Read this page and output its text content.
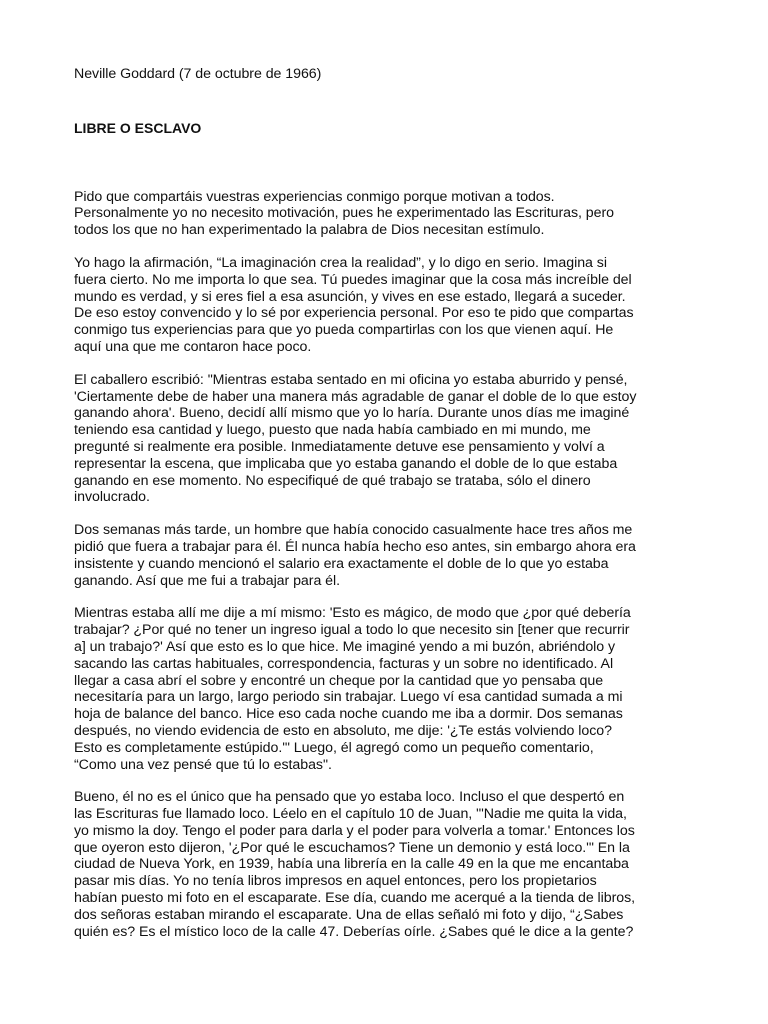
Neville Goddard (7 de octubre de 1966)
LIBRE O ESCLAVO
Pido que compartáis vuestras experiencias conmigo porque motivan a todos.
Personalmente yo no necesito motivación, pues he experimentado las Escrituras, pero
todos los que no han experimentado la palabra de Dios necesitan estímulo.
Yo hago la afirmación, “La imaginación crea la realidad”, y lo digo en serio. Imagina si
fuera cierto. No me importa lo que sea. Tú puedes imaginar que la cosa más increíble del
mundo es verdad, y si eres fiel a esa asunción, y vives en ese estado, llegará a suceder.
De eso estoy convencido y lo sé por experiencia personal. Por eso te pido que compartas
conmigo tus experiencias para que yo pueda compartirlas con los que vienen aquí. He
aquí una que me contaron hace poco.
El caballero escribió: "Mientras estaba sentado en mi oficina yo estaba aburrido y pensé,
'Ciertamente debe de haber una manera más agradable de ganar el doble de lo que estoy
ganando ahora'. Bueno, decidí allí mismo que yo lo haría. Durante unos días me imaginé
teniendo esa cantidad y luego, puesto que nada había cambiado en mi mundo, me
pregunté si realmente era posible. Inmediatamente detuve ese pensamiento y volví a
representar la escena, que implicaba que yo estaba ganando el doble de lo que estaba
ganando en ese momento. No especifiqué de qué trabajo se trataba, sólo el dinero
involucrado.
Dos semanas más tarde, un hombre que había conocido casualmente hace tres años me
pidió que fuera a trabajar para él. Él nunca había hecho eso antes, sin embargo ahora era
insistente y cuando mencionó el salario era exactamente el doble de lo que yo estaba
ganando. Así que me fui a trabajar para él.
Mientras estaba allí me dije a mí mismo: 'Esto es mágico, de modo que ¿por qué debería
trabajar? ¿Por qué no tener un ingreso igual a todo lo que necesito sin [tener que recurrir
a] un trabajo?' Así que esto es lo que hice. Me imaginé yendo a mi buzón, abriéndolo y
sacando las cartas habituales, correspondencia, facturas y un sobre no identificado. Al
llegar a casa abrí el sobre y encontré un cheque por la cantidad que yo pensaba que
necesitaría para un largo, largo periodo sin trabajar. Luego ví esa cantidad sumada a mi
hoja de balance del banco. Hice eso cada noche cuando me iba a dormir. Dos semanas
después, no viendo evidencia de esto en absoluto, me dije: '¿Te estás volviendo loco?
Esto es completamente estúpido.'" Luego, él agregó como un pequeño comentario,
“Como una vez pensé que tú lo estabas".
Bueno, él no es el único que ha pensado que yo estaba loco. Incluso el que despertó en
las Escrituras fue llamado loco. Léelo en el capítulo 10 de Juan, "'Nadie me quita la vida,
yo mismo la doy. Tengo el poder para darla y el poder para volverla a tomar.' Entonces los
que oyeron esto dijeron, '¿Por qué le escuchamos? Tiene un demonio y está loco.'" En la
ciudad de Nueva York, en 1939, había una librería en la calle 49 en la que me encantaba
pasar mis días. Yo no tenía libros impresos en aquel entonces, pero los propietarios
habían puesto mi foto en el escaparate. Ese día, cuando me acerqué a la tienda de libros,
dos señoras estaban mirando el escaparate. Una de ellas señaló mi foto y dijo, “¿Sabes
quién es? Es el místico loco de la calle 47. Deberías oírle. ¿Sabes qué le dice a la gente?
